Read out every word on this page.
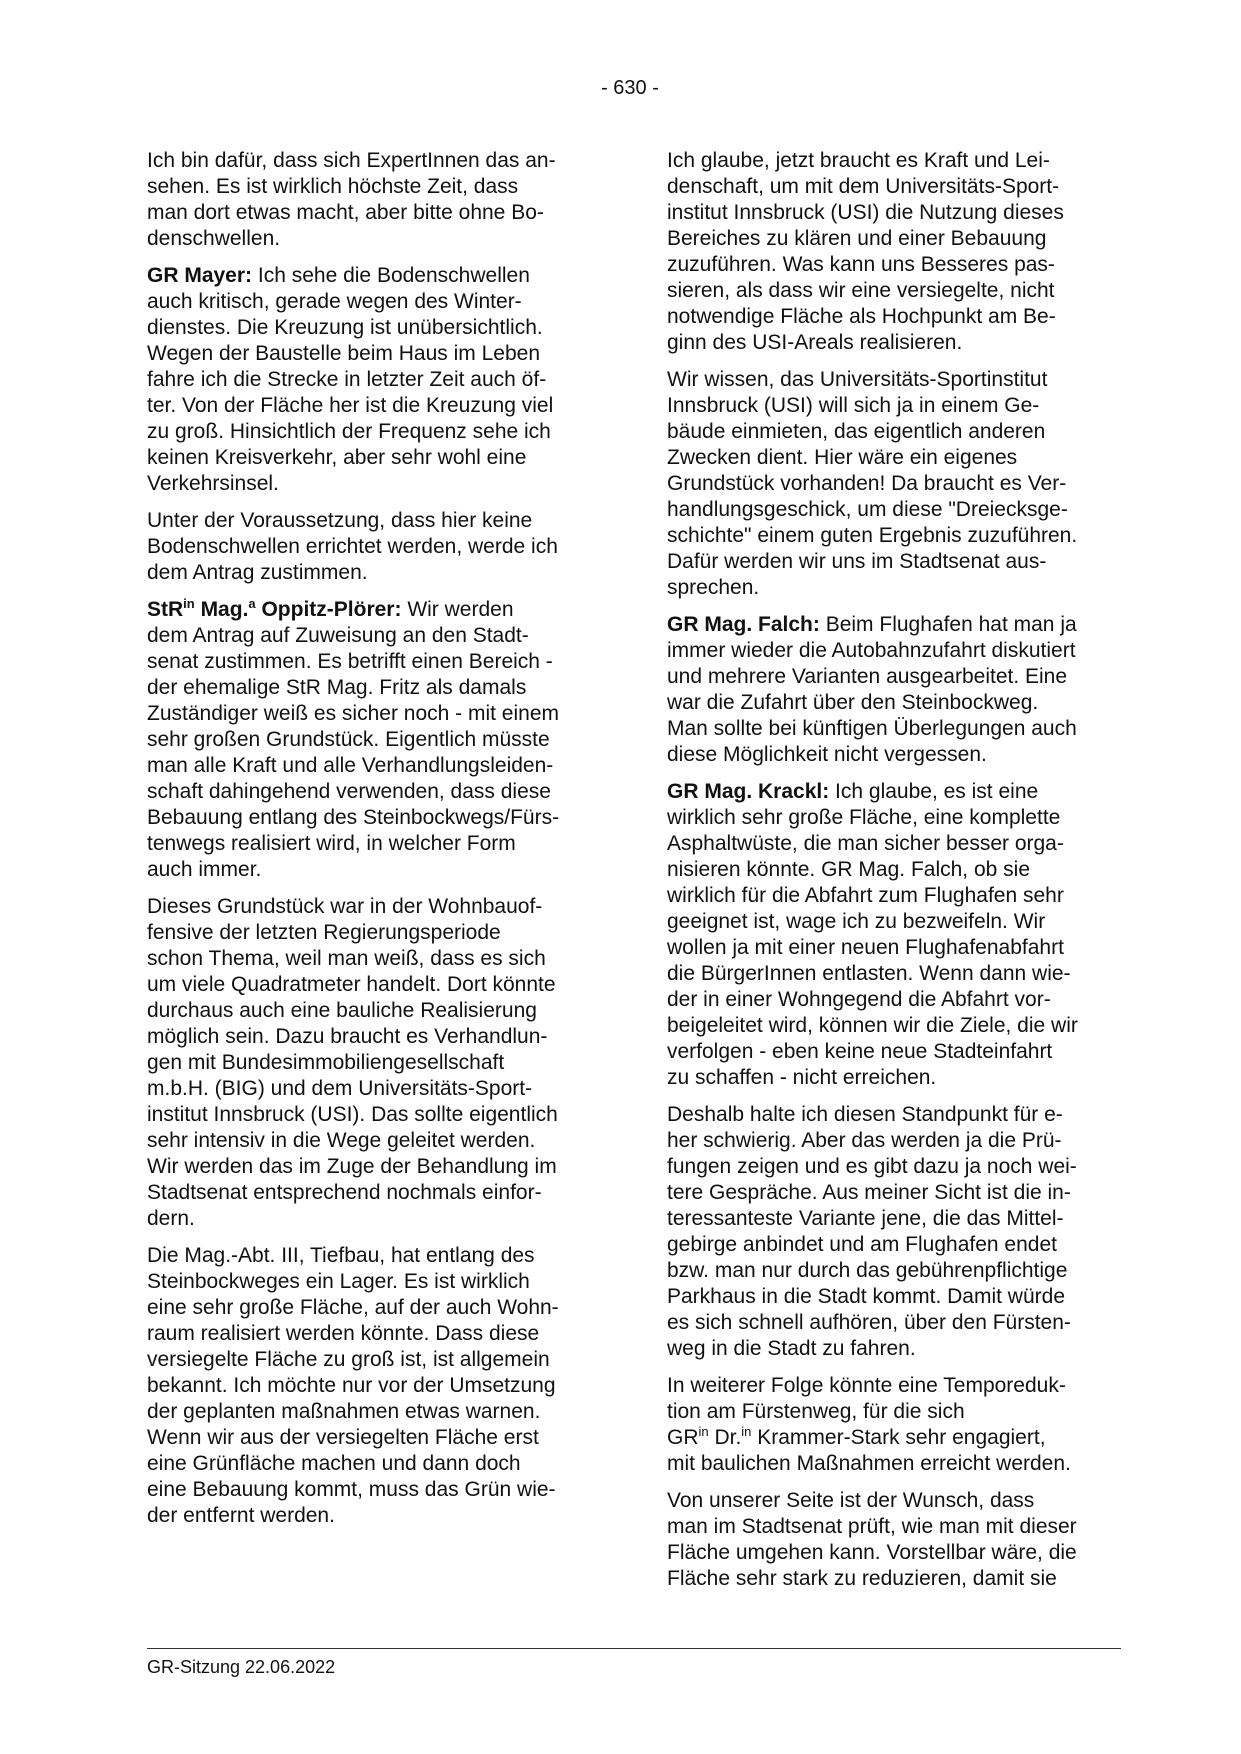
- 630 -

Ich bin dafür, dass sich ExpertInnen das an-
sehen. Es ist wirklich höchste Zeit, dass
man dort etwas macht, aber bitte ohne Bo-
denschwellen.

GR Mayer: Ich sehe die Bodenschwellen
auch kritisch, gerade wegen des Winter-
dienstes. Die Kreuzung ist unübersichtlich.
Wegen der Baustelle beim Haus im Leben
fahre ich die Strecke in letzter Zeit auch öf-
ter. Von der Fläche her ist die Kreuzung viel
zu groß. Hinsichtlich der Frequenz sehe ich
keinen Kreisverkehr, aber sehr wohl eine
Verkehrsinsel.

Unter der Voraussetzung, dass hier keine
Bodenschwellen errichtet werden, werde ich
dem Antrag zustimmen.

StR$^{in}$ Mag.$^a$ Oppitz-Plörer: Wir werden
dem Antrag auf Zuweisung an den Stadt-
senat zustimmen. Es betrifft einen Bereich -
der ehemalige StR Mag. Fritz als damals
Zuständiger weiß es sicher noch - mit einem
sehr großen Grundstück. Eigentlich müsste
man alle Kraft und alle Verhandlungsleiden-
schaft dahingehend verwenden, dass diese
Bebauung entlang des Steinbockwegs/Fürs-
tenwegs realisiert wird, in welcher Form
auch immer.

Dieses Grundstück war in der Wohnbauof-
fensive der letzten Regierungsperiode
schon Thema, weil man weiß, dass es sich
um viele Quadratmeter handelt. Dort könnte
durchaus auch eine bauliche Realisierung
möglich sein. Dazu braucht es Verhandlun-
gen mit Bundesimmobiliengesellschaft
m.b.H. (BIG) und dem Universitäts-Sport-
institut Innsbruck (USI). Das sollte eigentlich
sehr intensiv in die Wege geleitet werden.
Wir werden das im Zuge der Behandlung im
Stadtsenat entsprechend nochmals einfor-
dern.

Die Mag.-Abt. III, Tiefbau, hat entlang des
Steinbockweges ein Lager. Es ist wirklich
eine sehr große Fläche, auf der auch Wohn-
raum realisiert werden könnte. Dass diese
versiegelte Fläche zu groß ist, ist allgemein
bekannt. Ich möchte nur vor der Umsetzung
der geplanten maßnahmen etwas warnen.
Wenn wir aus der versiegelten Fläche erst
eine Grünfläche machen und dann doch
eine Bebauung kommt, muss das Grün wie-
der entfernt werden.

Ich glaube, jetzt braucht es Kraft und Lei-
denschaft, um mit dem Universitäts-Sport-
institut Innsbruck (USI) die Nutzung dieses
Bereiches zu klären und einer Bebauung
zuzuführen. Was kann uns Besseres pas-
sieren, als dass wir eine versiegelte, nicht
notwendige Fläche als Hochpunkt am Be-
ginn des USI-Areals realisieren.

Wir wissen, das Universitäts-Sportinstitut
Innsbruck (USI) will sich ja in einem Ge-
bäude einmieten, das eigentlich anderen
Zwecken dient. Hier wäre ein eigenes
Grundstück vorhanden! Da braucht es Ver-
handlungsgeschick, um diese "Dreiecksge-
schichte" einem guten Ergebnis zuzuführen.
Dafür werden wir uns im Stadtsenat aus-
sprechen.

GR Mag. Falch: Beim Flughafen hat man ja
immer wieder die Autobahnzufahrt diskutiert
und mehrere Varianten ausgearbeitet. Eine
war die Zufahrt über den Steinbockweg.
Man sollte bei künftigen Überlegungen auch
diese Möglichkeit nicht vergessen.

GR Mag. Krackl: Ich glaube, es ist eine
wirklich sehr große Fläche, eine komplette
Asphaltwüste, die man sicher besser orga-
nisieren könnte. GR Mag. Falch, ob sie
wirklich für die Abfahrt zum Flughafen sehr
geeignet ist, wage ich zu bezweifeln. Wir
wollen ja mit einer neuen Flughafenabfahrt
die BürgerInnen entlasten. Wenn dann wie-
der in einer Wohngegend die Abfahrt vor-
beigeleitet wird, können wir die Ziele, die wir
verfolgen - eben keine neue Stadteinfahrt
zu schaffen - nicht erreichen.

Deshalb halte ich diesen Standpunkt für e-
her schwierig. Aber das werden ja die Prü-
fungen zeigen und es gibt dazu ja noch wei-
tere Gespräche. Aus meiner Sicht ist die in-
teressanteste Variante jene, die das Mittel-
gebirge anbindet und am Flughafen endet
bzw. man nur durch das gebührenpflichtige
Parkhaus in die Stadt kommt. Damit würde
es sich schnell aufhören, über den Fürsten-
weg in die Stadt zu fahren.

In weiterer Folge könnte eine Temporeduk-
tion am Fürstenweg, für die sich
$GR^{in}$ Dr.$^{in}$ Krammer-Stark sehr engagiert,
mit baulichen Maßnahmen erreicht werden.

Von unserer Seite ist der Wunsch, dass
man im Stadtsenat prüft, wie man mit dieser
Fläche umgehen kann. Vorstellbar wäre, die
Fläche sehr stark zu reduzieren, damit sie

GR-Sitzung 22.06.2022
